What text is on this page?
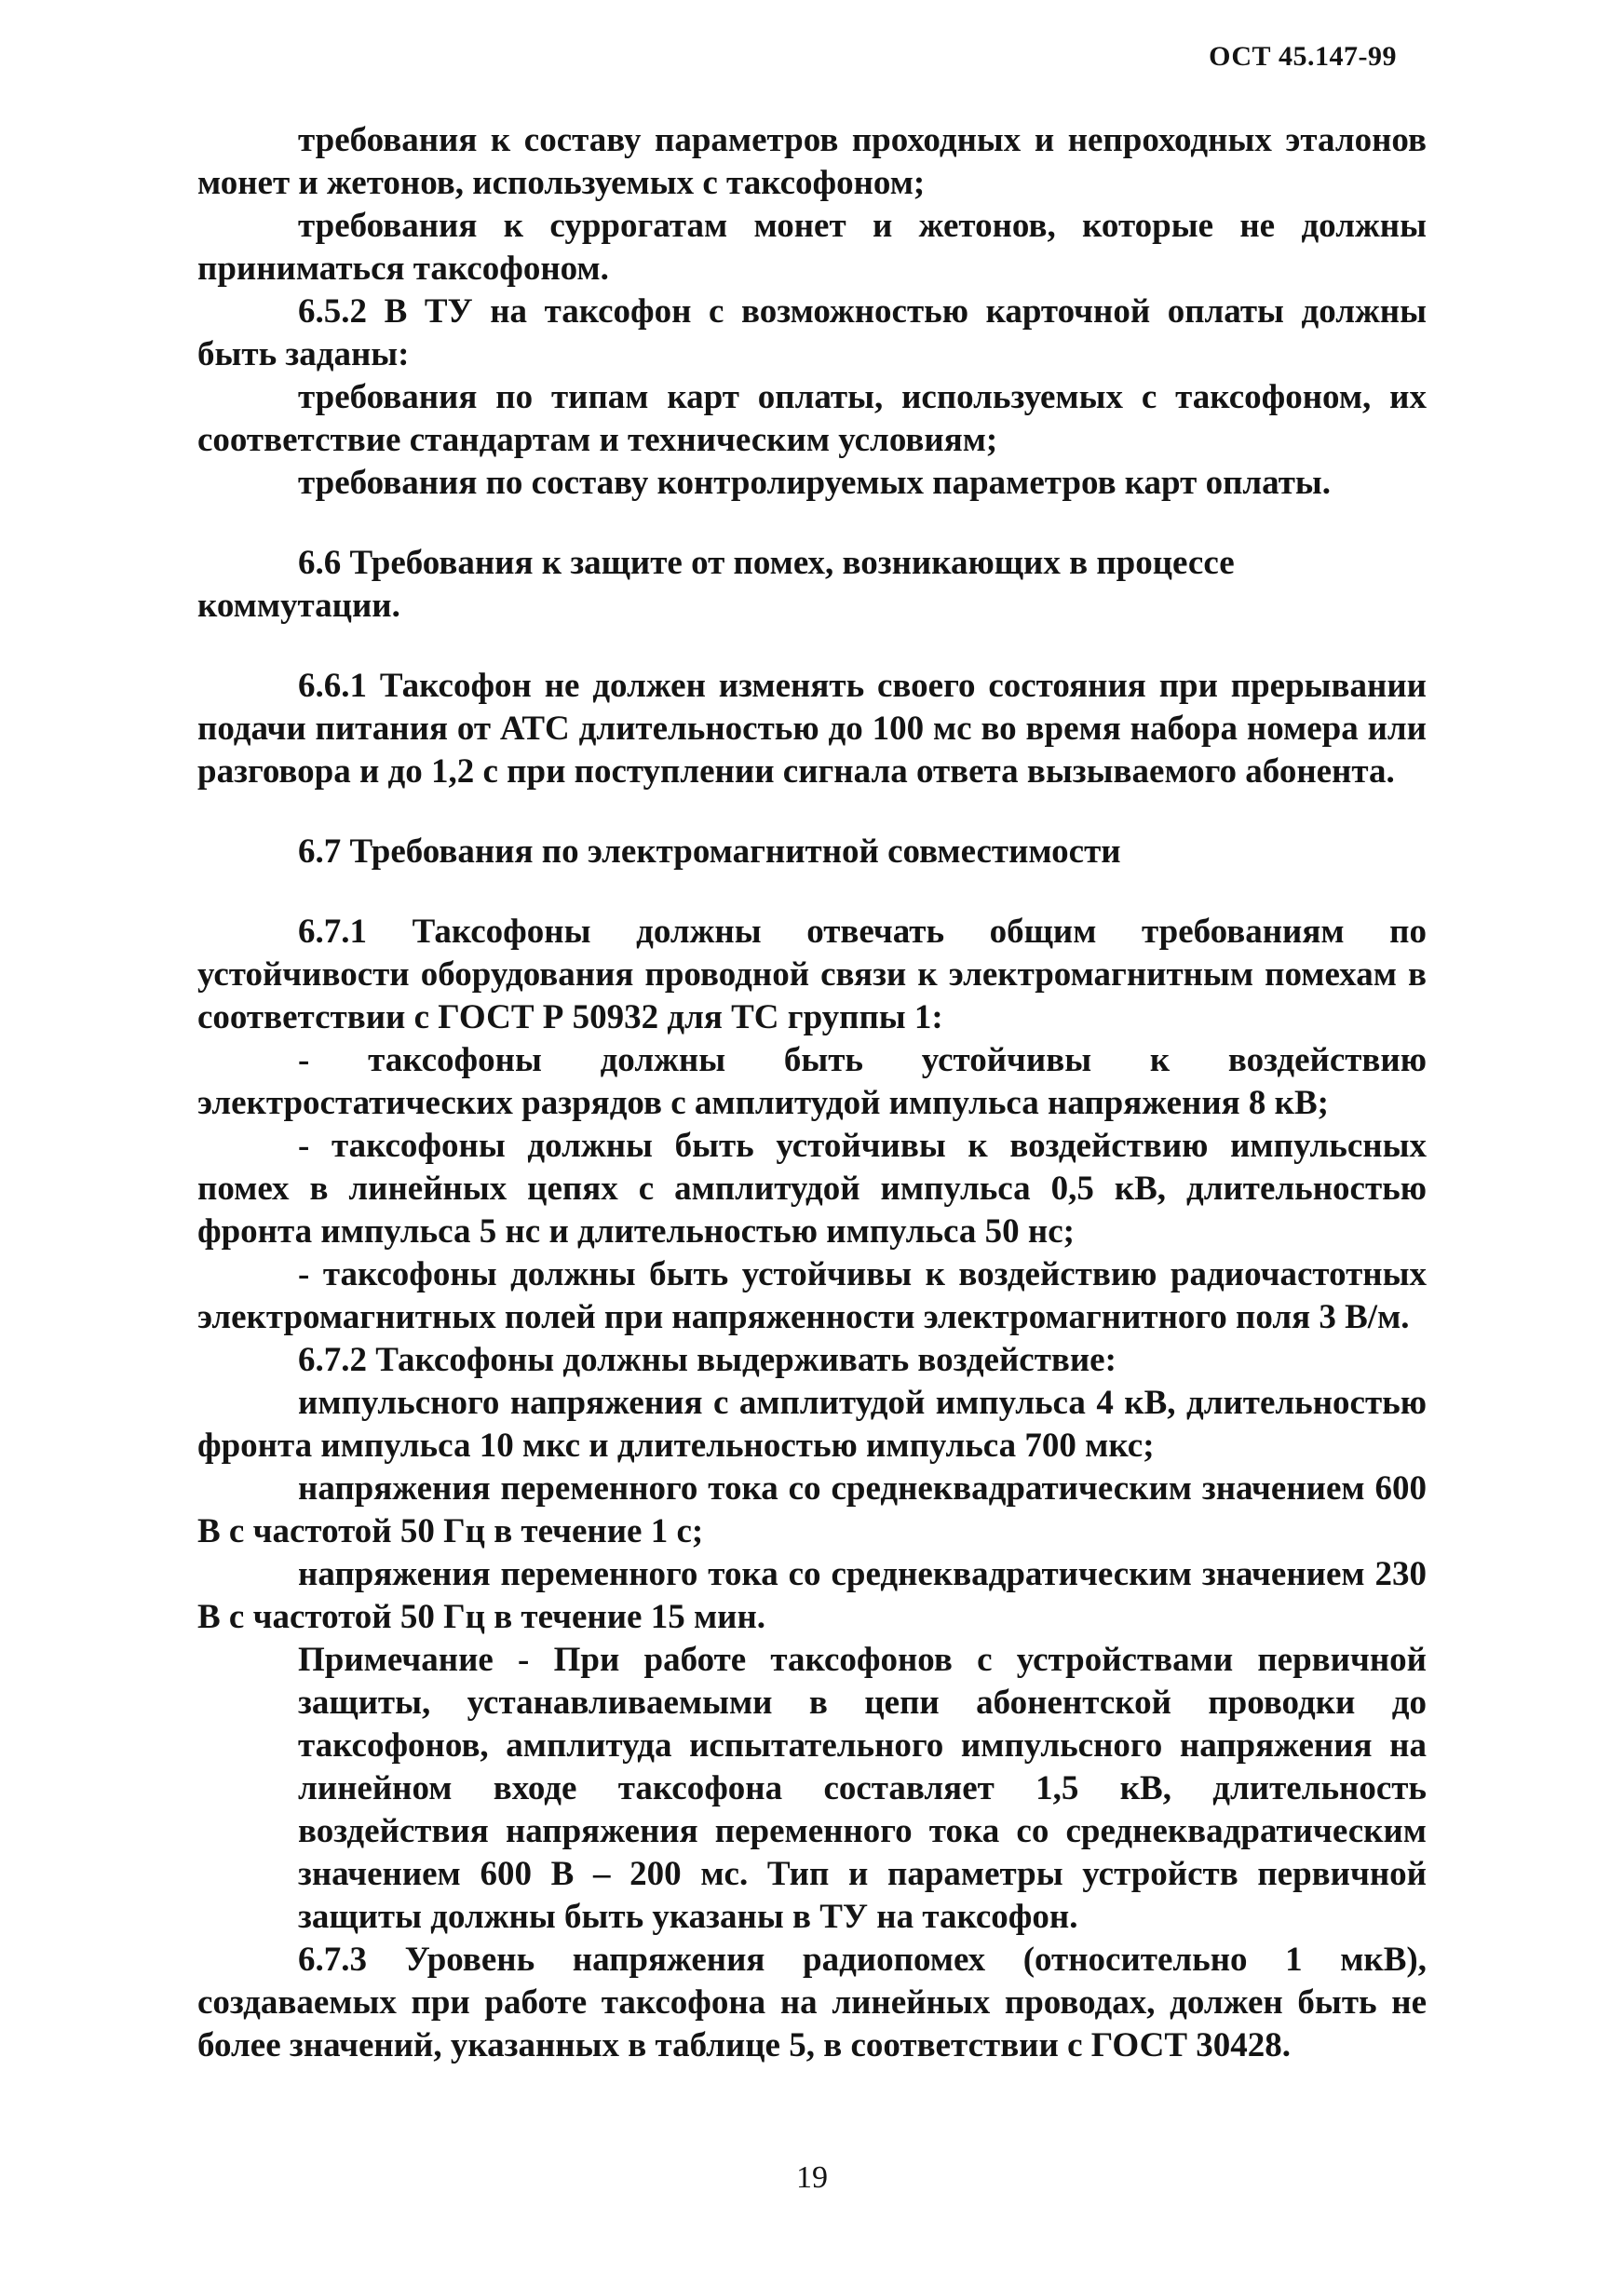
ОСТ 45.147-99

требования к составу параметров проходных и непроходных эталонов монет и жетонов, используемых с таксофоном;

требования к суррогатам монет и жетонов, которые не должны приниматься таксофоном.

6.5.2 В ТУ на таксофон с возможностью карточной оплаты должны быть заданы:

требования по типам карт оплаты, используемых с таксофоном, их соответствие стандартам и техническим условиям;

требования по составу контролируемых параметров карт оплаты.

6.6 Требования к защите от помех, возникающих в процессе коммутации.

6.6.1 Таксофон не должен изменять своего состояния при прерывании подачи питания от АТС длительностью до 100 мс во время набора номера или разговора и до 1,2 с при поступлении сигнала ответа вызываемого абонента.

6.7 Требования по электромагнитной совместимости

6.7.1 Таксофоны должны отвечать общим требованиям по устойчивости оборудования проводной связи к электромагнитным помехам в соответствии с ГОСТ Р 50932 для ТС группы 1:

- таксофоны должны быть устойчивы к воздействию электростатических разрядов с амплитудой импульса напряжения 8 кВ;

- таксофоны должны быть устойчивы к воздействию импульсных помех в линейных цепях с амплитудой импульса 0,5 кВ, длительностью фронта импульса 5 нс и длительностью импульса 50 нс;

- таксофоны должны быть устойчивы к воздействию радиочастотных электромагнитных полей при напряженности электромагнитного поля 3 В/м.

6.7.2 Таксофоны должны выдерживать воздействие:

импульсного напряжения с амплитудой импульса 4 кВ, длительностью фронта импульса 10 мкс и длительностью импульса 700 мкс;

напряжения переменного тока со среднеквадратическим значением 600 В с частотой 50 Гц в течение 1 с;

напряжения переменного тока со среднеквадратическим значением 230 В с частотой 50 Гц в течение 15 мин.

Примечание - При работе таксофонов с устройствами первичной защиты, устанавливаемыми в цепи абонентской проводки до таксофонов, амплитуда испытательного импульсного напряжения на линейном входе таксофона составляет 1,5 кВ, длительность воздействия напряжения переменного тока со среднеквадратическим значением 600 В – 200 мс. Тип и параметры устройств первичной защиты должны быть указаны в ТУ на таксофон.

6.7.3 Уровень напряжения радиопомех (относительно 1 мкВ), создаваемых при работе таксофона на линейных проводах, должен быть не более значений, указанных в таблице 5, в соответствии с ГОСТ 30428.

19
